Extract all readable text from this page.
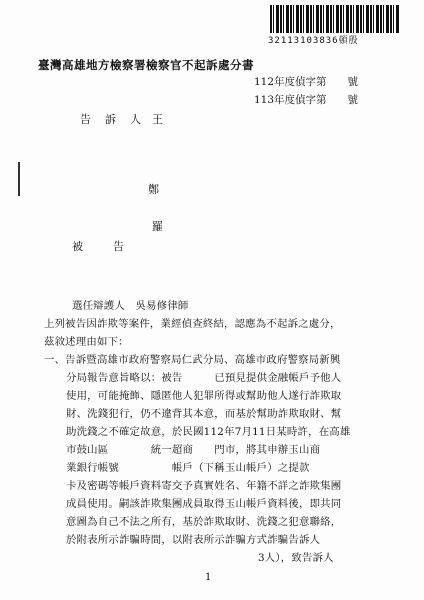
32113103836頓殷
臺灣高雄地方檢察署檢察官不起訴處分書
112年度偵字第　　號
113年度偵字第　　號
告訴人
王
鄭
羅
被告
選任辯護人　吳易修律師
上列被告因詐欺等案件，業經偵查終結，認應為不起訴之處分，
茲敘述理由如下：
一、告訴暨高雄市政府警察局仁武分局、高雄市政府警察局新興
分局報告意旨略以：被告　　　已預見提供金融帳戶予他人
使用，可能掩飾、隱匿他人犯罪所得或幫助他人遂行詐欺取
財、洗錢犯行，仍不違背其本意，而基於幫助詐欺取財、幫
助洗錢之不確定故意，於民國112年7月11日某時許，在高雄
市鼓山區　　　　統一超商　　門市，將其申辦玉山商
業銀行帳號　　　　　帳戶（下稱玉山帳戶）之提款
卡及密碼等帳戶資料寄交予真實姓名、年籍不詳之詐欺集團
成員使用。嗣該詐欺集團成員取得玉山帳戶資料後，即共同
意圖為自己不法之所有，基於詐欺取財、洗錢之犯意聯絡，
於附表所示詐騙時間，以附表所示詐騙方式詐騙告訴人
3人），致告訴人
1
